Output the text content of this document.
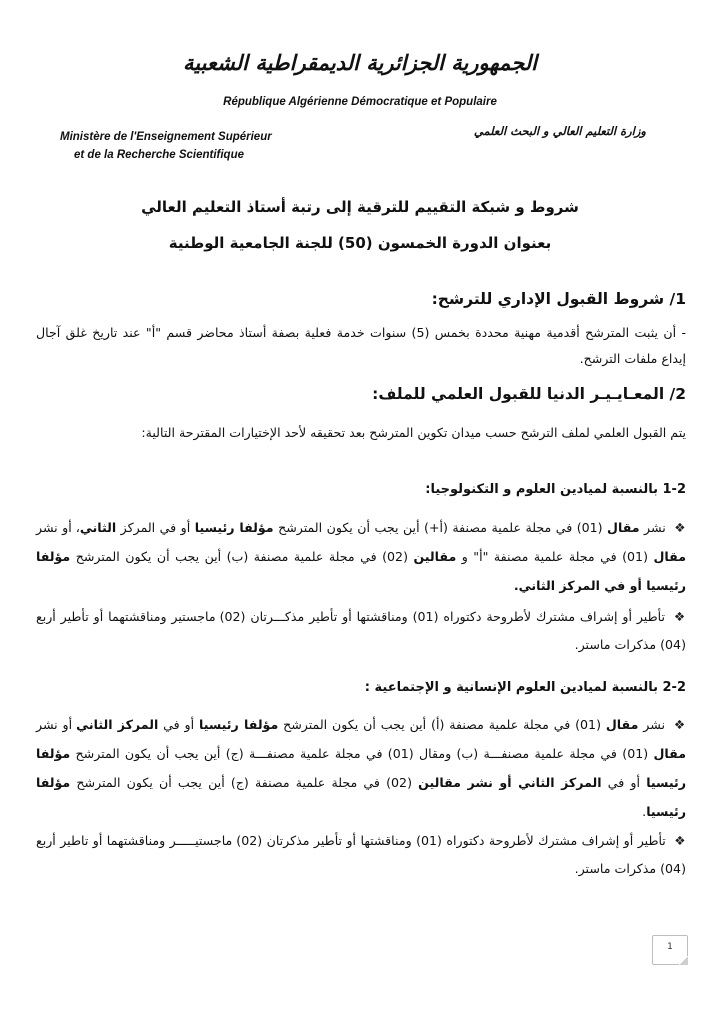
الجمهورية الجزائرية الديمقراطية الشعبية
République Algérienne Démocratique et Populaire
Ministère de l'Enseignement Supérieur
et de la Recherche Scientifique
وزارة التعليم العالي و البحث العلمي
شروط و شبكة التقييم للترقية إلى رتبة أستاذ التعليم العالي
بعنوان الدورة الخمسون (50) للجنة الجامعية الوطنية
1/ شروط القبول الإداري للترشح:
- أن يثبت المترشح أقدمية مهنية محددة بخمس (5) سنوات خدمة فعلية بصفة أستاذ محاضر قسم "أ" عند تاريخ غلق آجال إيداع ملفات الترشح.
2/ المعـايـيـر الدنيا للقبول العلمي للملف:
يتم القبول العلمي لملف الترشح حسب ميدان تكوين المترشح بعد تحقيقه لأحد الإختيارات المقترحة التالية:
1-2 بالنسبة لميادين العلوم و التكنولوجيا:
❖ نشر مقال (01) في مجلة علمية مصنفة (أ+) أين يجب أن يكون المترشح مؤلفا رئيسيا أو في المركز الثاني، أو نشر مقال (01) في مجلة علمية مصنفة "أ" و مقالين (02) في مجلة علمية مصنفة (ب) أين يجب أن يكون المترشح مؤلفا رئيسيا أو في المركز الثاني.
❖ تأطير أو إشراف مشترك لأطروحة دكتوراه (01) ومناقشتها أو تأطير مذكـــرتان (02) ماجستير ومناقشتهما أو تأطير أربع (04) مذكرات ماستر.
2-2 بالنسبة لميادين العلوم الإنسانية و الإجتماعية :
❖ نشر مقال (01) في مجلة علمية مصنفة (أ) أين يجب أن يكون المترشح مؤلفا رئيسيا أو في المركز الثاني أو نشر مقال (01) في مجلة علمية مصنفـــة (ب) ومقال (01) في مجلة علمية مصنفـــة (ج) أين يجب أن يكون المترشح مؤلفا رئيسيا أو في المركز الثاني أو نشر مقالين (02) في مجلة علمية مصنفة (ج) أين يجب أن يكون المترشح مؤلفا رئيسيا.
❖ تأطير أو إشراف مشترك لأطروحة دكتوراه (01) ومناقشتها أو تأطير مذكرتان (02) ماجستيـــــر ومناقشتهما أو تاطير أربع (04) مذكرات ماستر.
1
